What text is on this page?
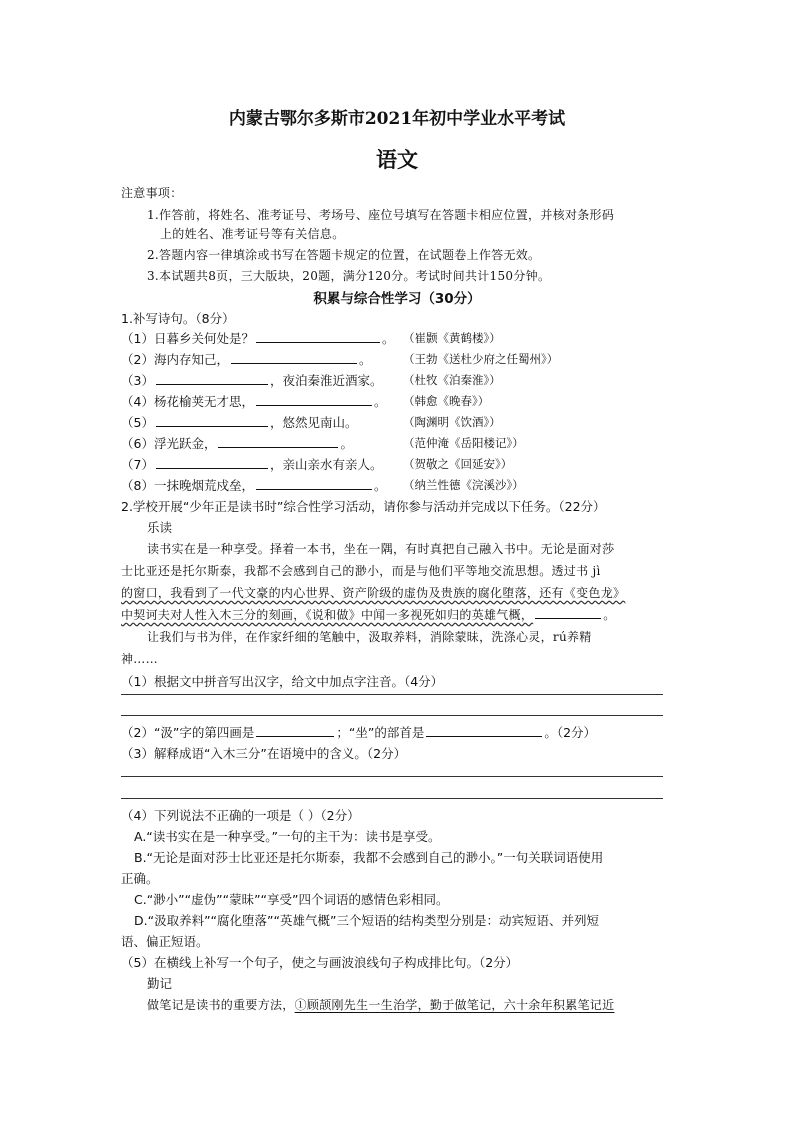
内蒙古鄂尔多斯市2021年初中学业水平考试
语文
注意事项：
1.作答前，将姓名、准考证号、考场号、座位号填写在答题卡相应位置，并核对条形码
上的姓名、准考证号等有关信息。
2.答题内容一律填涂或书写在答题卡规定的位置，在试题卷上作答无效。
3.本试题共8页，三大版块，20题，满分120分。考试时间共计150分钟。
积累与综合性学习（30分）
1.补写诗句。（8分）
（1）日暮乡关何处是？	。 （崔颢《黄鹤楼》）
（2）海内存知己，	。	（王勃《送杜少府之任蜀州》）
（3）	，夜泊秦淮近酒家。 （杜牧《泊秦淮》）
（4）杨花榆荚无才思，	。 （韩愈《晚春》）
（5）	，悠然见南山。	（陶渊明《饮酒》）
（6）浮光跃金，	。	（范仲淹《岳阳楼记》）
（7）	，亲山亲水有亲人。 （贺敬之《回延安》）
（8）一抹晚烟荒戍垒，	。 （纳兰性德《浣溪沙》）
2.学校开展“少年正是读书时”综合性学习活动，请你参与活动并完成以下任务。（22分）
乐读
读书实在是一种享受。择着一本书，坐在一隅，有时真把自己融入书中。无论是面对莎
士比亚还是托尔斯泰，我都不会感到自己的渺小，而是与他们平等地交流思想。透过书 jì
的窗口，我看到了一代文豪的内心世界、资产阶级的虚伪及贵族的腐化堕落，还有《变色龙》
中契诃夫对人性入木三分的刻画，《说和做》中闻一多视死如归的英雄气概，	。
让我们与书为伴，在作家纤细的笔触中，汲取养料，消除蒙昧，洗涤心灵，rú养精
神……
（1）根据文中拼音写出汉字，给文中加点字注音。（4分）
（2）“汲”字的第四画是	；“坐”的部首是	。（2分）
（3）解释成语“入木三分”在语境中的含义。（2分）
（4）下列说法不正确的一项是（ ）（2分）
A.“读书实在是一种享受。”一句的主干为：读书是享受。
B.“无论是面对莎士比亚还是托尔斯泰，我都不会感到自己的渺小。”一句关联词语使用
正确。
C.“渺小”“虚伪”“蒙昧”“享受”四个词语的感情色彩相同。
D.“汲取养料”“腐化堕落”“英雄气概”三个短语的结构类型分别是：动宾短语、并列短
语、偏正短语。
（5）在横线上补写一个句子，使之与画波浪线句子构成排比句。（2分）
勤记
做笔记是读书的重要方法，①顾颉刚先生一生治学，勤于做笔记，六十余年积累笔记近
